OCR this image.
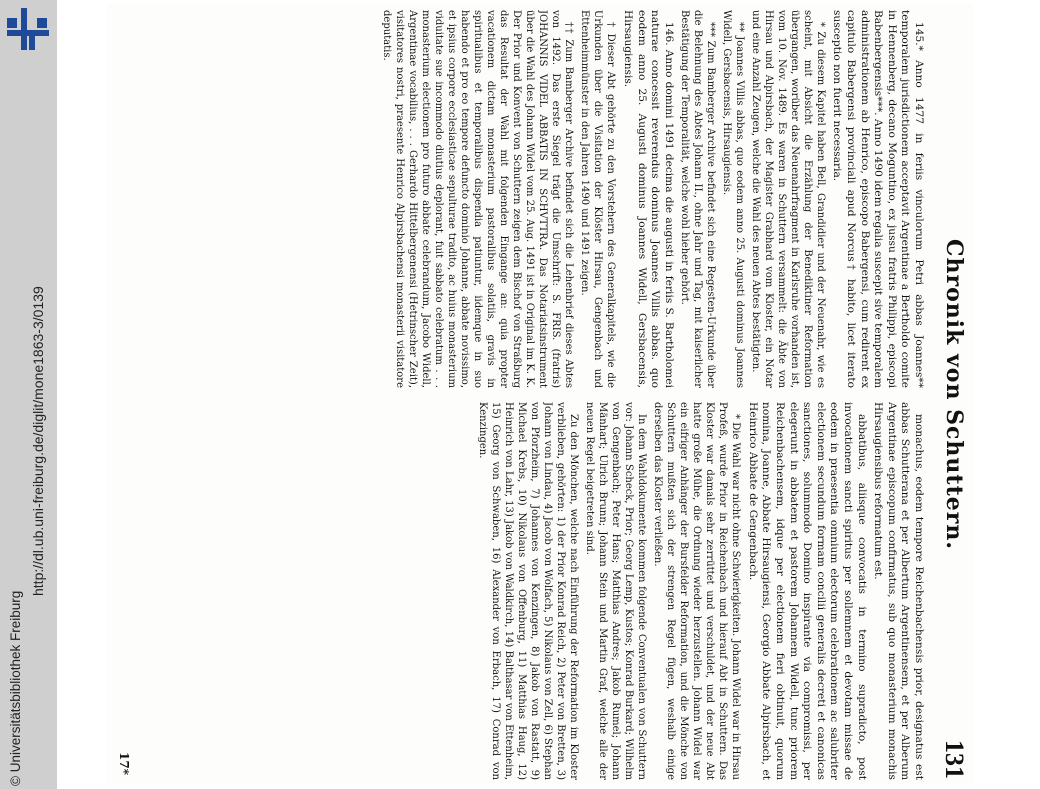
http://dl.ub.uni-freiburg.de/diglit/mone1863-3/0139
© Universitätsbibliothek Freiburg
Chronik von Schuttern.
131

145.* Anno 1477 in feriis vinculorum Petri abbas Joannes** temporalem jurisdictionem acceptavit Argentinae a Bertholdo comite in Hennenberg, decano Moguntino, ex jussu fratris Philippi, episcopi Babenbergensis***. Anno 1490 idem regalia suscepit sive temporalem administrationem ab Henrico, episcopo Babergensi, cum redirent ex capitulo Babergensi provinciali apud Norcus† habito, licet iterato susceptio non fuerit necessaria.

* Zu diesem Kapitel haben Bell, Grandidier und der Neuenahr, wie es scheint, mit Absicht die Erzählung der Benediktiner Reformation übergangen, worüber das Neuenahrfragment in Karlsruhe vorhanden ist, vom 10. Nov. 1489. Es waren in Schuttern versammelt: die Äbte von Hirsau und Alpirsbach, der Magister Grabhard vom Kloster, ein Notar und eine Anzahl Zeugen, welche die Wahl des neuen Abtes bestätigten.

** Joannes Villis abbas, quo eodem anno 25. Augusti dominus Joannes Widell, Gersbacensis, Hirsaugiensis.

*** Zum Bamberger Archive befindet sich eine Regesten-Urkunde über die Belehnung des Abtes Johann II., ohne Jahr und Tag, mit kaiserlicher Bestätigung der Temporalität, welche wohl hieher gehört.

146. Anno domini 1491 decima die augusti in feriis S. Bartholomei naturae concessit reverendus dominus Joannes Villis abbas. quo eodem anno 25. Augusti dominus Joannes Widell, Gersbacensis, Hirsaugiensis.

† Dieser Abt gehörte zu den Vorstehern des Generalkapitels, wie die Urkunden über die Visitation der Klöster Hirsau, Gengenbach und Ettenheimmünster in den Jahren 1490 und 1491 zeigen.

†† Zum Bamberger Archive befindet sich die Lehenbrief dieses Abtes von 1492. Das erste Siegel trägt die Umschrift: S. FRIS. (fratris) JOHANNIS VIDEL ABBATIS IN SCHVTTRA. Das Notariatsinstrument über die Wahl des Johann Widel vom 25. Aug. 1491 ist in Original im K. K. Der Prior und Konvent von Schuttern zeigen dem Bischof von Straßburg das Resultat der Wahl mit folgenden Eingange an: quia propter vacationem dictam monasterium pastoralibus solatiis, gravis in spiritualibus et temporalibus dispendia patiuntur, iidemque in suo habendo et pro eo tempore defuncto dominio Johanne, abbate novissimo, et ipsius corpore ecclesiasticae sepulturae tradito, ac huius monasterium viduitate sue incommodo diutius deplorant, fuit sabbato celebratum . . . monasterium electionem pro futuro abbate celebrandum, Jacobo Widell, Argentinae vocabilius, . . . Gerhardo Hittelbergenensi (Hetrinscher Zeit), visitatores nostri, praesente Henrico Alpirsbachensi monasterii visitatore deputatis.

monachus, eodem tempore Reichenbachensis prior, designatus est abbas Schutterana et per Albertum Argentinensem, et per Alberum Argentinae episcopum confirmatus, sub quo monasterium monachis Hirsaugiensibus reformatum est.

abbatibus, aliisque convocatis in termino supradicto, post invocationem sancti spiritus per sollemnem et devotam missae de eodem in praesentia omnium electorum celebrationem ac salubriter electionem secundum formam concilii generalis decreti et canonicas sanctiones, solummodo Domino inspirante via compromissi, per elegerunt in abbatem et pastorem Johannem Widell, tunc priorem Reichenbachensem, idque per electionem fieri obtinuit, quorum nomina, Joanne, Abbate Hirsaugiensi, Georgio Abbate Alpirsbach, et Heinrico Abbate de Gengenbach.

* Die Wahl war nicht ohne Schwierigkeiten. Johann Widel war in Hirsau Profeß, wurde Prior in Reichenbach und hierauf Abt in Schuttern. Das Kloster war damals sehr zerrüttet und verschuldet, und der neue Abt hatte große Mühe, die Ordnung wieder herzustellen. Johann Widel war ein eifriger Anhänger der Bursfelder Reformation, und die Mönche von Schuttern mußten sich der strengen Regel fügen, weshalb einige derselben das Kloster verließen.

In dem Wahldokumente kommen folgende Conventualen von Schuttern vor: Johann Scheck, Prior; Georg Lemp, Kustos; Konrad Burkard; Wilhelm von Gengenbach; Peter Hans; Matthias Andres; Jakob Rumel; Johann Mänhart; Ulrich Brunn; Johann Stein und Martin Graf, welche alle der neuen Regel beigetreten sind.

Zu den Mönchen, welche nach Einführung der Reformation im Kloster verblieben, gehörten: 1) der Prior Konrad Reich, 2) Peter von Bretten, 3) Johann von Lindau, 4) Jacob von Wolfach, 5) Nikolaus von Zell, 6) Stephan von Pforzheim, 7) Johannes von Kenzingen, 8) Jakob von Rastatt, 9) Michael Krebs, 10) Nikolaus von Offenburg, 11) Matthias Haug, 12) Heinrich von Lahr, 13) Jakob von Waldkirch, 14) Balthasar von Ettenheim, 15) Georg von Schwaben, 16) Alexander von Erbach, 17) Conrad von Kenzingen.

17*
